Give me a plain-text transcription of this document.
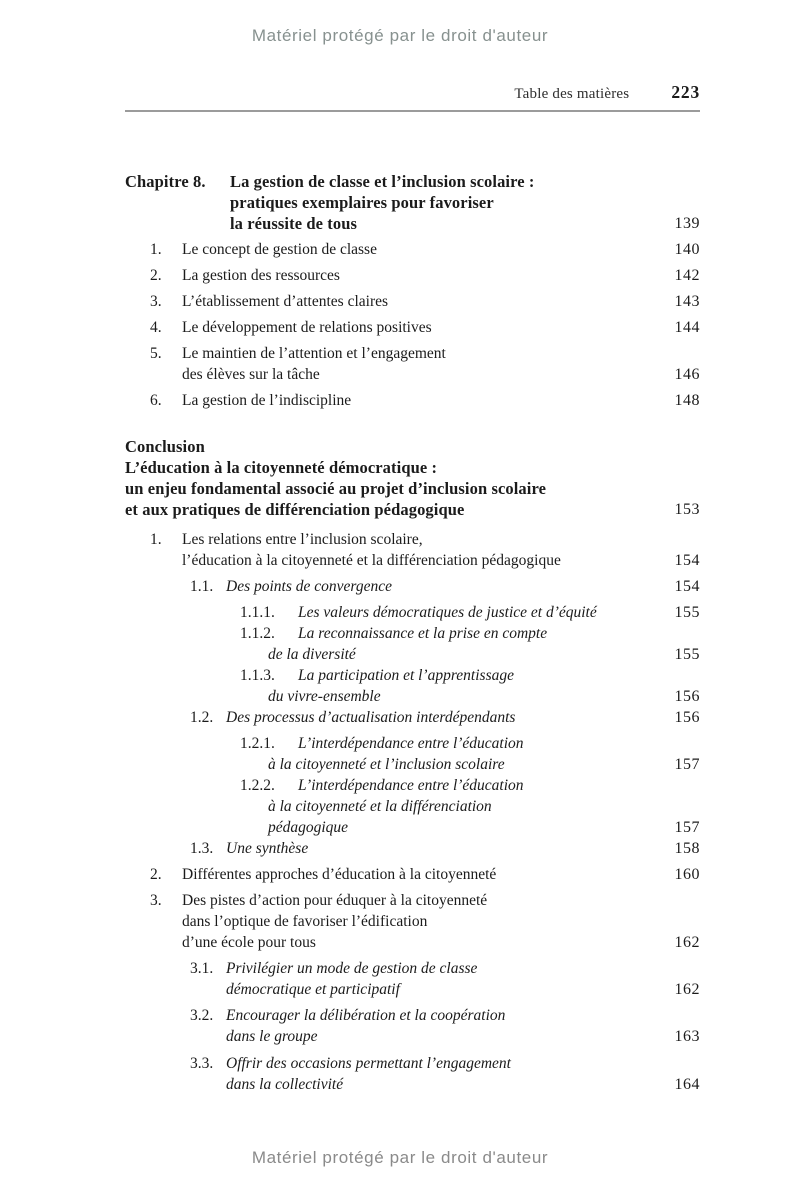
Matériel protégé par le droit d'auteur
Table des matières 223
Chapitre 8. La gestion de classe et l’inclusion scolaire :
pratiques exemplaires pour favoriser
la réussite de tous	139
1. Le concept de gestion de classe	140
2. La gestion des ressources	142
3. L’établissement d’attentes claires	143
4. Le développement de relations positives	144
5. Le maintien de l’attention et l’engagement
des élèves sur la tâche	146
6. La gestion de l’indiscipline	148
Conclusion
L’éducation à la citoyenneté démocratique :
un enjeu fondamental associé au projet d’inclusion scolaire
et aux pratiques de différenciation pédagogique	153
1. Les relations entre l’inclusion scolaire,
l’éducation à la citoyenneté et la différenciation pédagogique	154
1.1. Des points de convergence	154
1.1.1. Les valeurs démocratiques de justice et d’équité	155
1.1.2. La reconnaissance et la prise en compte
de la diversité	155
1.1.3. La participation et l’apprentissage
du vivre-ensemble	156
1.2. Des processus d’actualisation interdépendants	156
1.2.1. L’interdépendance entre l’éducation
à la citoyenneté et l’inclusion scolaire	157
1.2.2. L’interdépendance entre l’éducation
à la citoyenneté et la différenciation
pédagogique	157
1.3. Une synthèse	158
2. Différentes approches d’éducation à la citoyenneté	160
3. Des pistes d’action pour éduquer à la citoyenneté
dans l’optique de favoriser l’édification
d’une école pour tous	162
3.1. Privilégier un mode de gestion de classe
démocratique et participatif	162
3.2. Encourager la délibération et la coopération
dans le groupe	163
3.3. Offrir des occasions permettant l’engagement
dans la collectivité	164
Matériel protégé par le droit d'auteur
